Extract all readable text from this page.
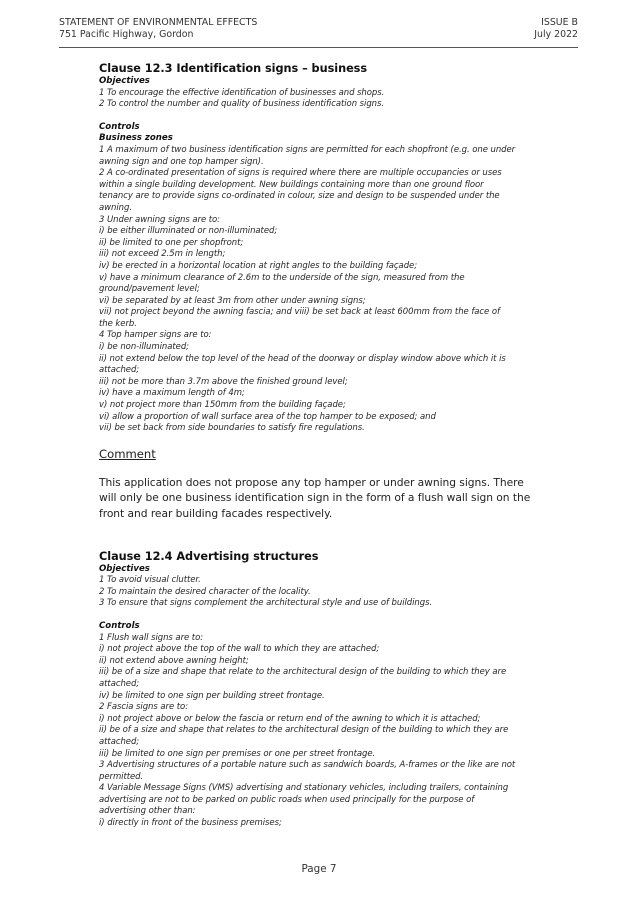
STATEMENT OF ENVIRONMENTAL EFFECTS
751 Pacific Highway, Gordon
ISSUE B
July 2022
Clause 12.3 Identification signs – business

Objectives

1 To encourage the effective identification of businesses and shops.

2 To control the number and quality of business identification signs.

Controls

Business zones

1 A maximum of two business identification signs are permitted for each shopfront (e.g. one under

awning sign and one top hamper sign).

2 A co-ordinated presentation of signs is required where there are multiple occupancies or uses

within a single building development. New buildings containing more than one ground floor

tenancy are to provide signs co-ordinated in colour, size and design to be suspended under the

awning.

3 Under awning signs are to:

i) be either illuminated or non-illuminated;

ii) be limited to one per shopfront;

iii) not exceed 2.5m in length;

iv) be erected in a horizontal location at right angles to the building façade;

v) have a minimum clearance of 2.6m to the underside of the sign, measured from the

ground/pavement level;

vi) be separated by at least 3m from other under awning signs;

vii) not project beyond the awning fascia; and viii) be set back at least 600mm from the face of

the kerb.

4 Top hamper signs are to:

i) be non-illuminated;

ii) not extend below the top level of the head of the doorway or display window above which it is

attached;

iii) not be more than 3.7m above the finished ground level;

iv) have a maximum length of 4m;

v) not project more than 150mm from the building façade;

vi) allow a proportion of wall surface area of the top hamper to be exposed; and

vii) be set back from side boundaries to satisfy fire regulations.

Comment

This application does not propose any top hamper or under awning signs. There

will only be one business identification sign in the form of a flush wall sign on the

front and rear building facades respectively.

Clause 12.4 Advertising structures

Objectives

1 To avoid visual clutter.

2 To maintain the desired character of the locality.

3 To ensure that signs complement the architectural style and use of buildings.

Controls

1 Flush wall signs are to:

i) not project above the top of the wall to which they are attached;

ii) not extend above awning height;

iii) be of a size and shape that relate to the architectural design of the building to which they are

attached;

iv) be limited to one sign per building street frontage.

2 Fascia signs are to:

i) not project above or below the fascia or return end of the awning to which it is attached;

ii) be of a size and shape that relates to the architectural design of the building to which they are

attached;

iii) be limited to one sign per premises or one per street frontage.

3 Advertising structures of a portable nature such as sandwich boards, A-frames or the like are not

permitted.

4 Variable Message Signs (VMS) advertising and stationary vehicles, including trailers, containing

advertising are not to be parked on public roads when used principally for the purpose of

advertising other than:

i) directly in front of the business premises;

Page 7
